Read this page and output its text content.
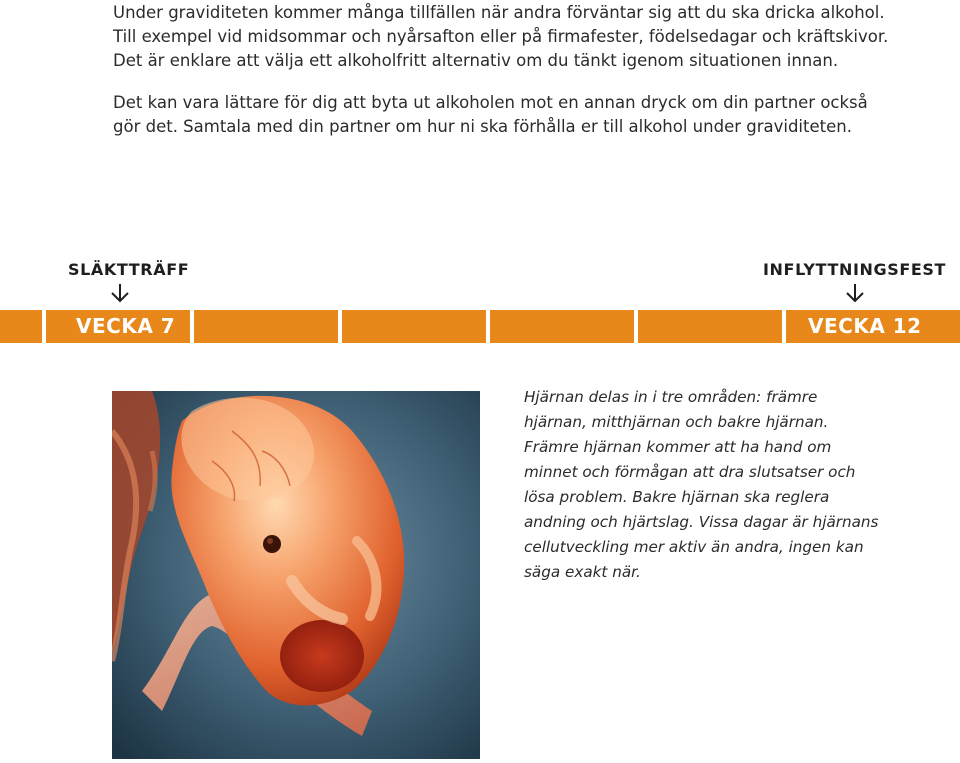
Under graviditeten kommer många tillfällen när andra förväntar sig att du ska dricka alkohol.
Till exempel vid midsommar och nyårsafton eller på firmafester, födelsedagar och kräftskivor.
Det är enklare att välja ett alkoholfritt alternativ om du tänkt igenom situationen innan.
Det kan vara lättare för dig att byta ut alkoholen mot en annan dryck om din partner också
gör det. Samtala med din partner om hur ni ska förhålla er till alkohol under graviditeten.
SLÄKTTRÄFF	INFLYTTNINGSFEST
VECKA 7	VECKA 12
Hjärnan delas in i tre områden: främre
hjärnan, mitthjärnan och bakre hjärnan.
Främre hjärnan kommer att ha hand om
minnet och förmågan att dra slutsatser och
lösa problem. Bakre hjärnan ska reglera
andning och hjärtslag. Vissa dagar är hjärnans
cellutveckling mer aktiv än andra, ingen kan
säga exakt när.
